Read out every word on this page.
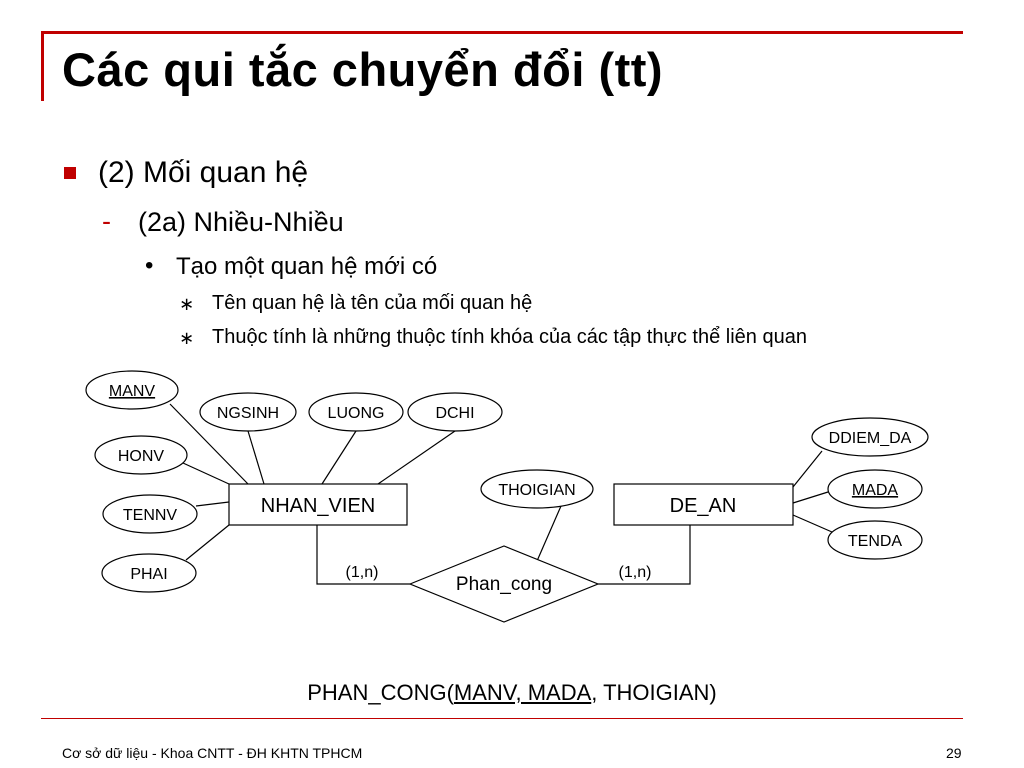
Các qui tắc chuyển đổi (tt)
(2) Mối quan hệ
- (2a) Nhiều-Nhiều
• Tạo một quan hệ mới có
∗ Tên quan hệ là tên của mối quan hệ
∗ Thuộc tính là những thuộc tính khóa của các tập thực thể liên quan
NHAN_VIEN	DE_AN
Phan_cong
(1,n)	(1,n)
MANV
HONV
TENNV
PHAI
NGSINH	LUONG	DCHI
THOIGIAN
DDIEM_DA
MADA
TENDA
PHAN_CONG(MANV, MADA, THOIGIAN)
Cơ sở dữ liệu - Khoa CNTT - ĐH KHTN TPHCM	29
